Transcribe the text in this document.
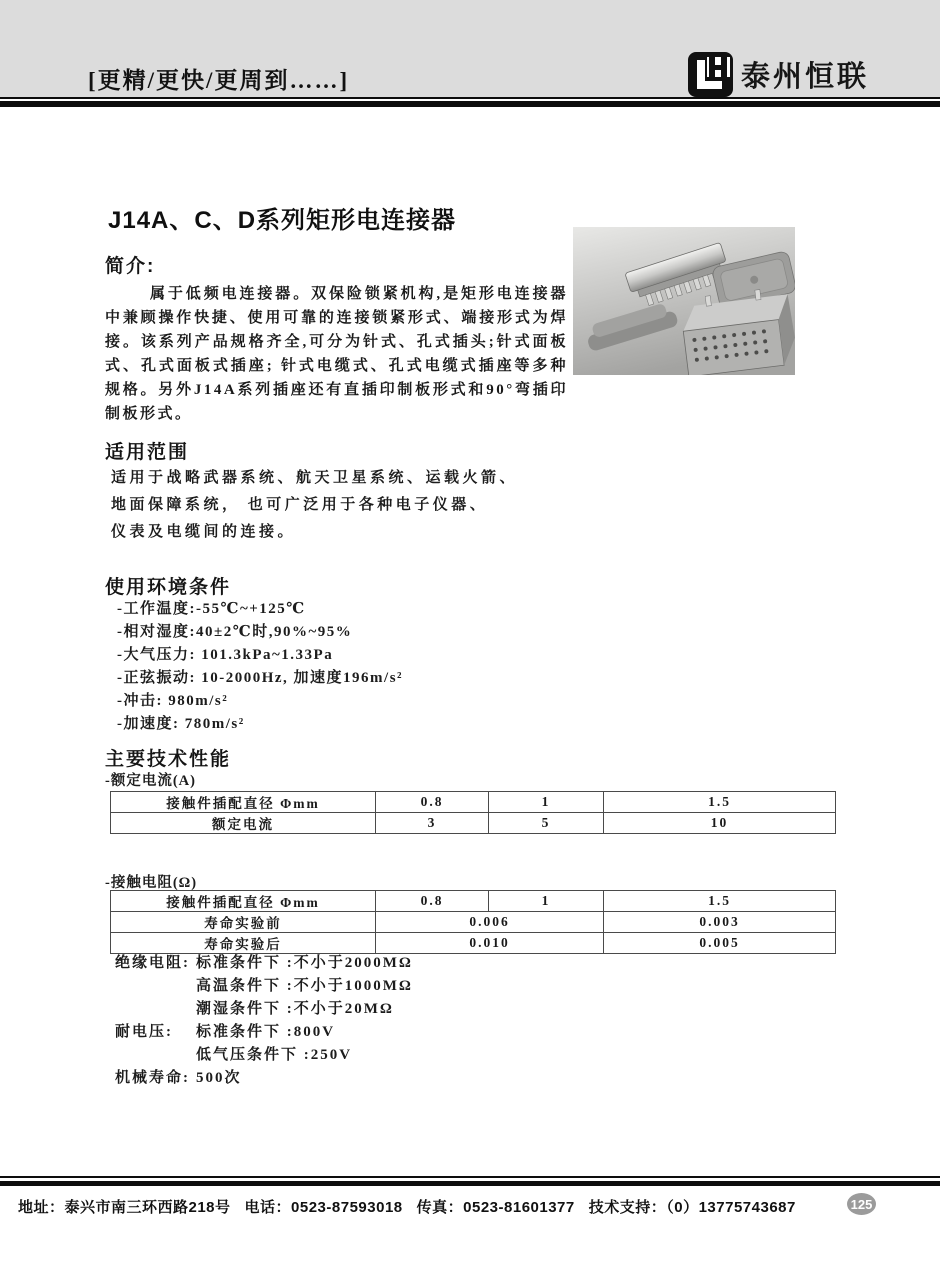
[更精/更快/更周到……]	泰州恒联
J14A、C、D系列矩形电连接器
简介:
属于低频电连接器。双保险锁紧机构,是矩形电连接器中兼顾操作快捷、使用可靠的连接锁紧形式、端接形式为焊接。该系列产品规格齐全,可分为针式、孔式插头;针式面板式、孔式面板式插座; 针式电缆式、孔式电缆式插座等多种规格。另外J14A系列插座还有直插印制板形式和90°弯插印制板形式。
适用范围
适用于战略武器系统、航天卫星系统、运载火箭、
地面保障系统， 也可广泛用于各种电子仪器、
仪表及电缆间的连接。
使用环境条件
-工作温度:-55℃~+125℃
-相对湿度:40±2℃时,90%~95%
-大气压力: 101.3kPa~1.33Pa
-正弦振动: 10-2000Hz, 加速度196m/s²
-冲击: 980m/s²
-加速度: 780m/s²
主要技术性能
-额定电流(A)
接触件插配直径 Φmm	0.8	1	1.5
额定电流	3	5	10
-接触电阻(Ω)
接触件插配直径 Φmm	0.8	1	1.5
寿命实验前	0.006		0.003
寿命实验后	0.010		0.005
绝缘电阻: 标准条件下 :不小于2000MΩ
高温条件下 :不小于1000MΩ
潮湿条件下 :不小于20MΩ
耐电压:	标准条件下 :800V
低气压条件下 :250V
机械寿命: 500次
地址：泰兴市南三环西路218号 电话：0523-87593018 传真：0523-81601377 技术支持：（0）13775743687	125
